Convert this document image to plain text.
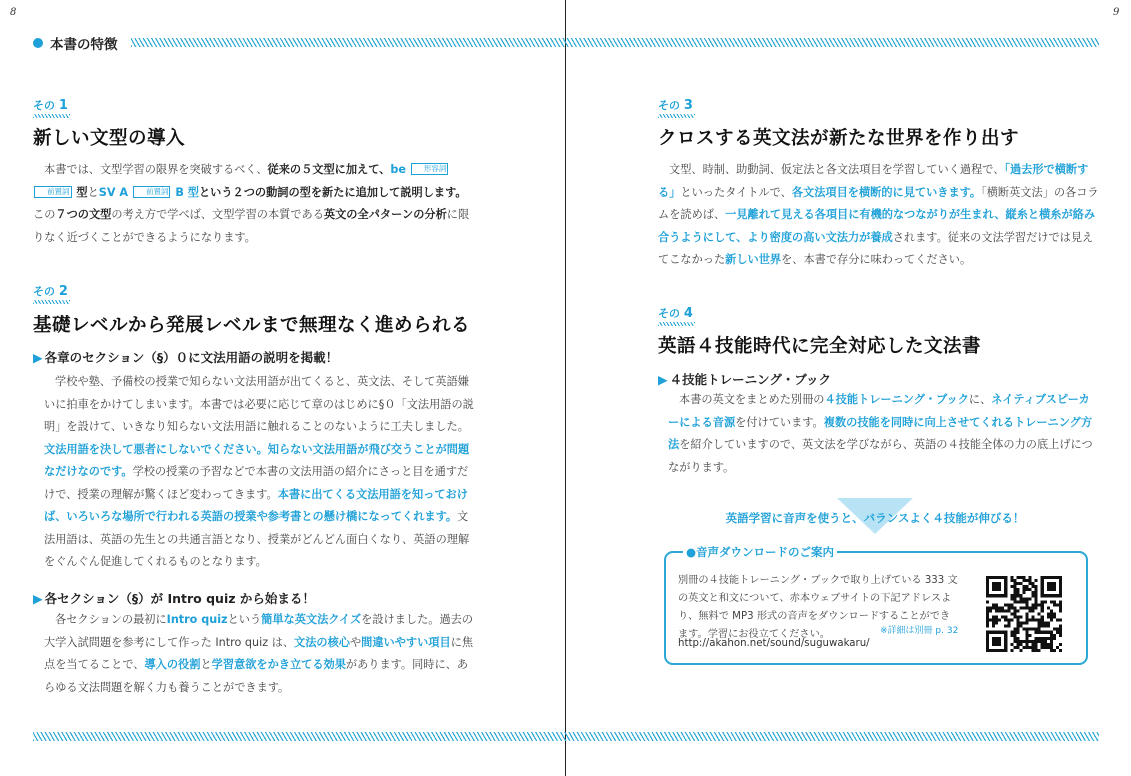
8	9
本書の特徴
その 1
新しい文型の導入
本書では、文型学習の限界を突破するべく、従来の５文型に加えて、be 形容詞前置詞 型とSV A 前置詞 B 型という２つの動詞の型を新たに追加して説明します。この７つの文型の考え方で学べば、文型学習の本質である英文の全パターンの分析に限りなく近づくことができるようになります。
その 2
基礎レベルから発展レベルまで無理なく進められる
▶ 各章のセクション（§）０に文法用語の説明を掲載！
学校や塾、予備校の授業で知らない文法用語が出てくると、英文法、そして英語嫌いに拍車をかけてしまいます。本書では必要に応じて章のはじめに§０「文法用語の説明」を設けて、いきなり知らない文法用語に触れることのないように工夫しました。文法用語を決して悪者にしないでください。知らない文法用語が飛び交うことが問題なだけなのです。学校の授業の予習などで本書の文法用語の紹介にさっと目を通すだけで、授業の理解が驚くほど変わってきます。本書に出てくる文法用語を知っておけば、いろいろな場所で行われる英語の授業や参考書との懸け橋になってくれます。文法用語は、英語の先生との共通言語となり、授業がどんどん面白くなり、英語の理解をぐんぐん促進してくれるものとなります。
▶ 各セクション（§）が Intro quiz から始まる！
各セクションの最初にIntro quizという簡単な英文法クイズを設けました。過去の大学入試問題を参考にして作った Intro quiz は、文法の核心や間違いやすい項目に焦点を当てることで、導入の役割と学習意欲をかき立てる効果があります。同時に、あらゆる文法問題を解く力も養うことができます。
その 3
クロスする英文法が新たな世界を作り出す
文型、時制、助動詞、仮定法と各文法項目を学習していく過程で、「過去形で横断する」といったタイトルで、各文法項目を横断的に見ていきます。「横断英文法」の各コラムを読めば、一見離れて見える各項目に有機的なつながりが生まれ、縦糸と横糸が絡み合うようにして、より密度の高い文法力が養成されます。従来の文法学習だけでは見えてこなかった新しい世界を、本書で存分に味わってください。
その 4
英語４技能時代に完全対応した文法書
▶ ４技能トレーニング・ブック
本書の英文をまとめた別冊の４技能トレーニング・ブックに、ネイティブスピーカーによる音源を付けています。複数の技能を同時に向上させてくれるトレーニング方法を紹介していますので、英文法を学びながら、英語の４技能全体の力の底上げにつながります。
英語学習に音声を使うと、バランスよく４技能が伸びる！
●音声ダウンロードのご案内
別冊の４技能トレーニング・ブックで取り上げている 333 文の英文と和文について、赤本ウェブサイトの下記アドレスより、無料で MP3 形式の音声をダウンロードすることができます。学習にお役立てください。	※詳細は別冊 p. 32
http://akahon.net/sound/suguwakaru/
